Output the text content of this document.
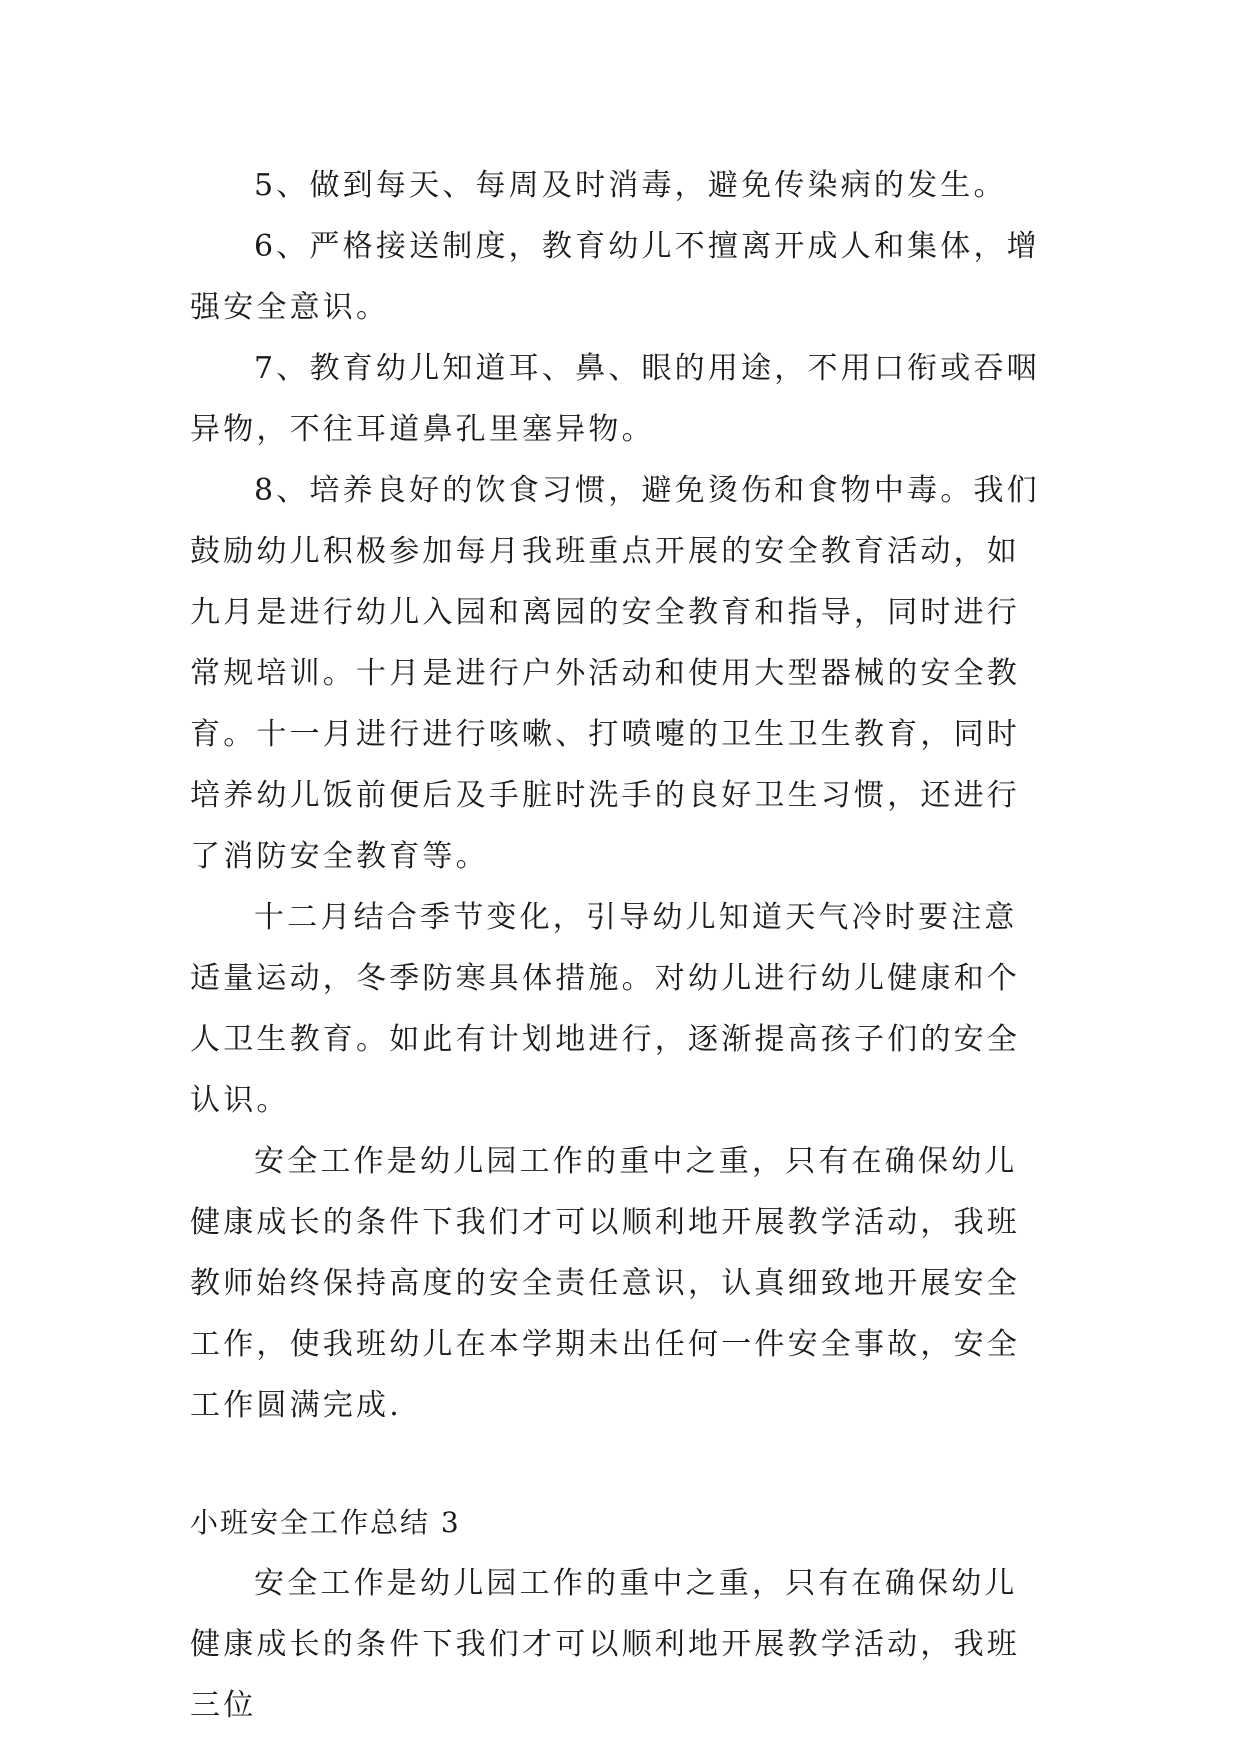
5、做到每天、每周及时消毒，避免传染病的发生。

6、严格接送制度，教育幼儿不擅离开成人和集体，增强安全意识。

7、教育幼儿知道耳、鼻、眼的用途，不用口衔或吞咽异物，不往耳道鼻孔里塞异物。

8、培养良好的饮食习惯，避免烫伤和食物中毒。我们鼓励幼儿积极参加每月我班重点开展的安全教育活动，如九月是进行幼儿入园和离园的安全教育和指导，同时进行常规培训。十月是进行户外活动和使用大型器械的安全教育。十一月进行进行咳嗽、打喷嚏的卫生卫生教育，同时培养幼儿饭前便后及手脏时洗手的良好卫生习惯，还进行了消防安全教育等。

十二月结合季节变化，引导幼儿知道天气冷时要注意适量运动，冬季防寒具体措施。对幼儿进行幼儿健康和个人卫生教育。如此有计划地进行，逐渐提高孩子们的安全认识。

安全工作是幼儿园工作的重中之重，只有在确保幼儿健康成长的条件下我们才可以顺利地开展教学活动，我班教师始终保持高度的安全责任意识，认真细致地开展安全工作，使我班幼儿在本学期未出任何一件安全事故，安全工作圆满完成.

小班安全工作总结 3

安全工作是幼儿园工作的重中之重，只有在确保幼儿健康成长的条件下我们才可以顺利地开展教学活动，我班三位
